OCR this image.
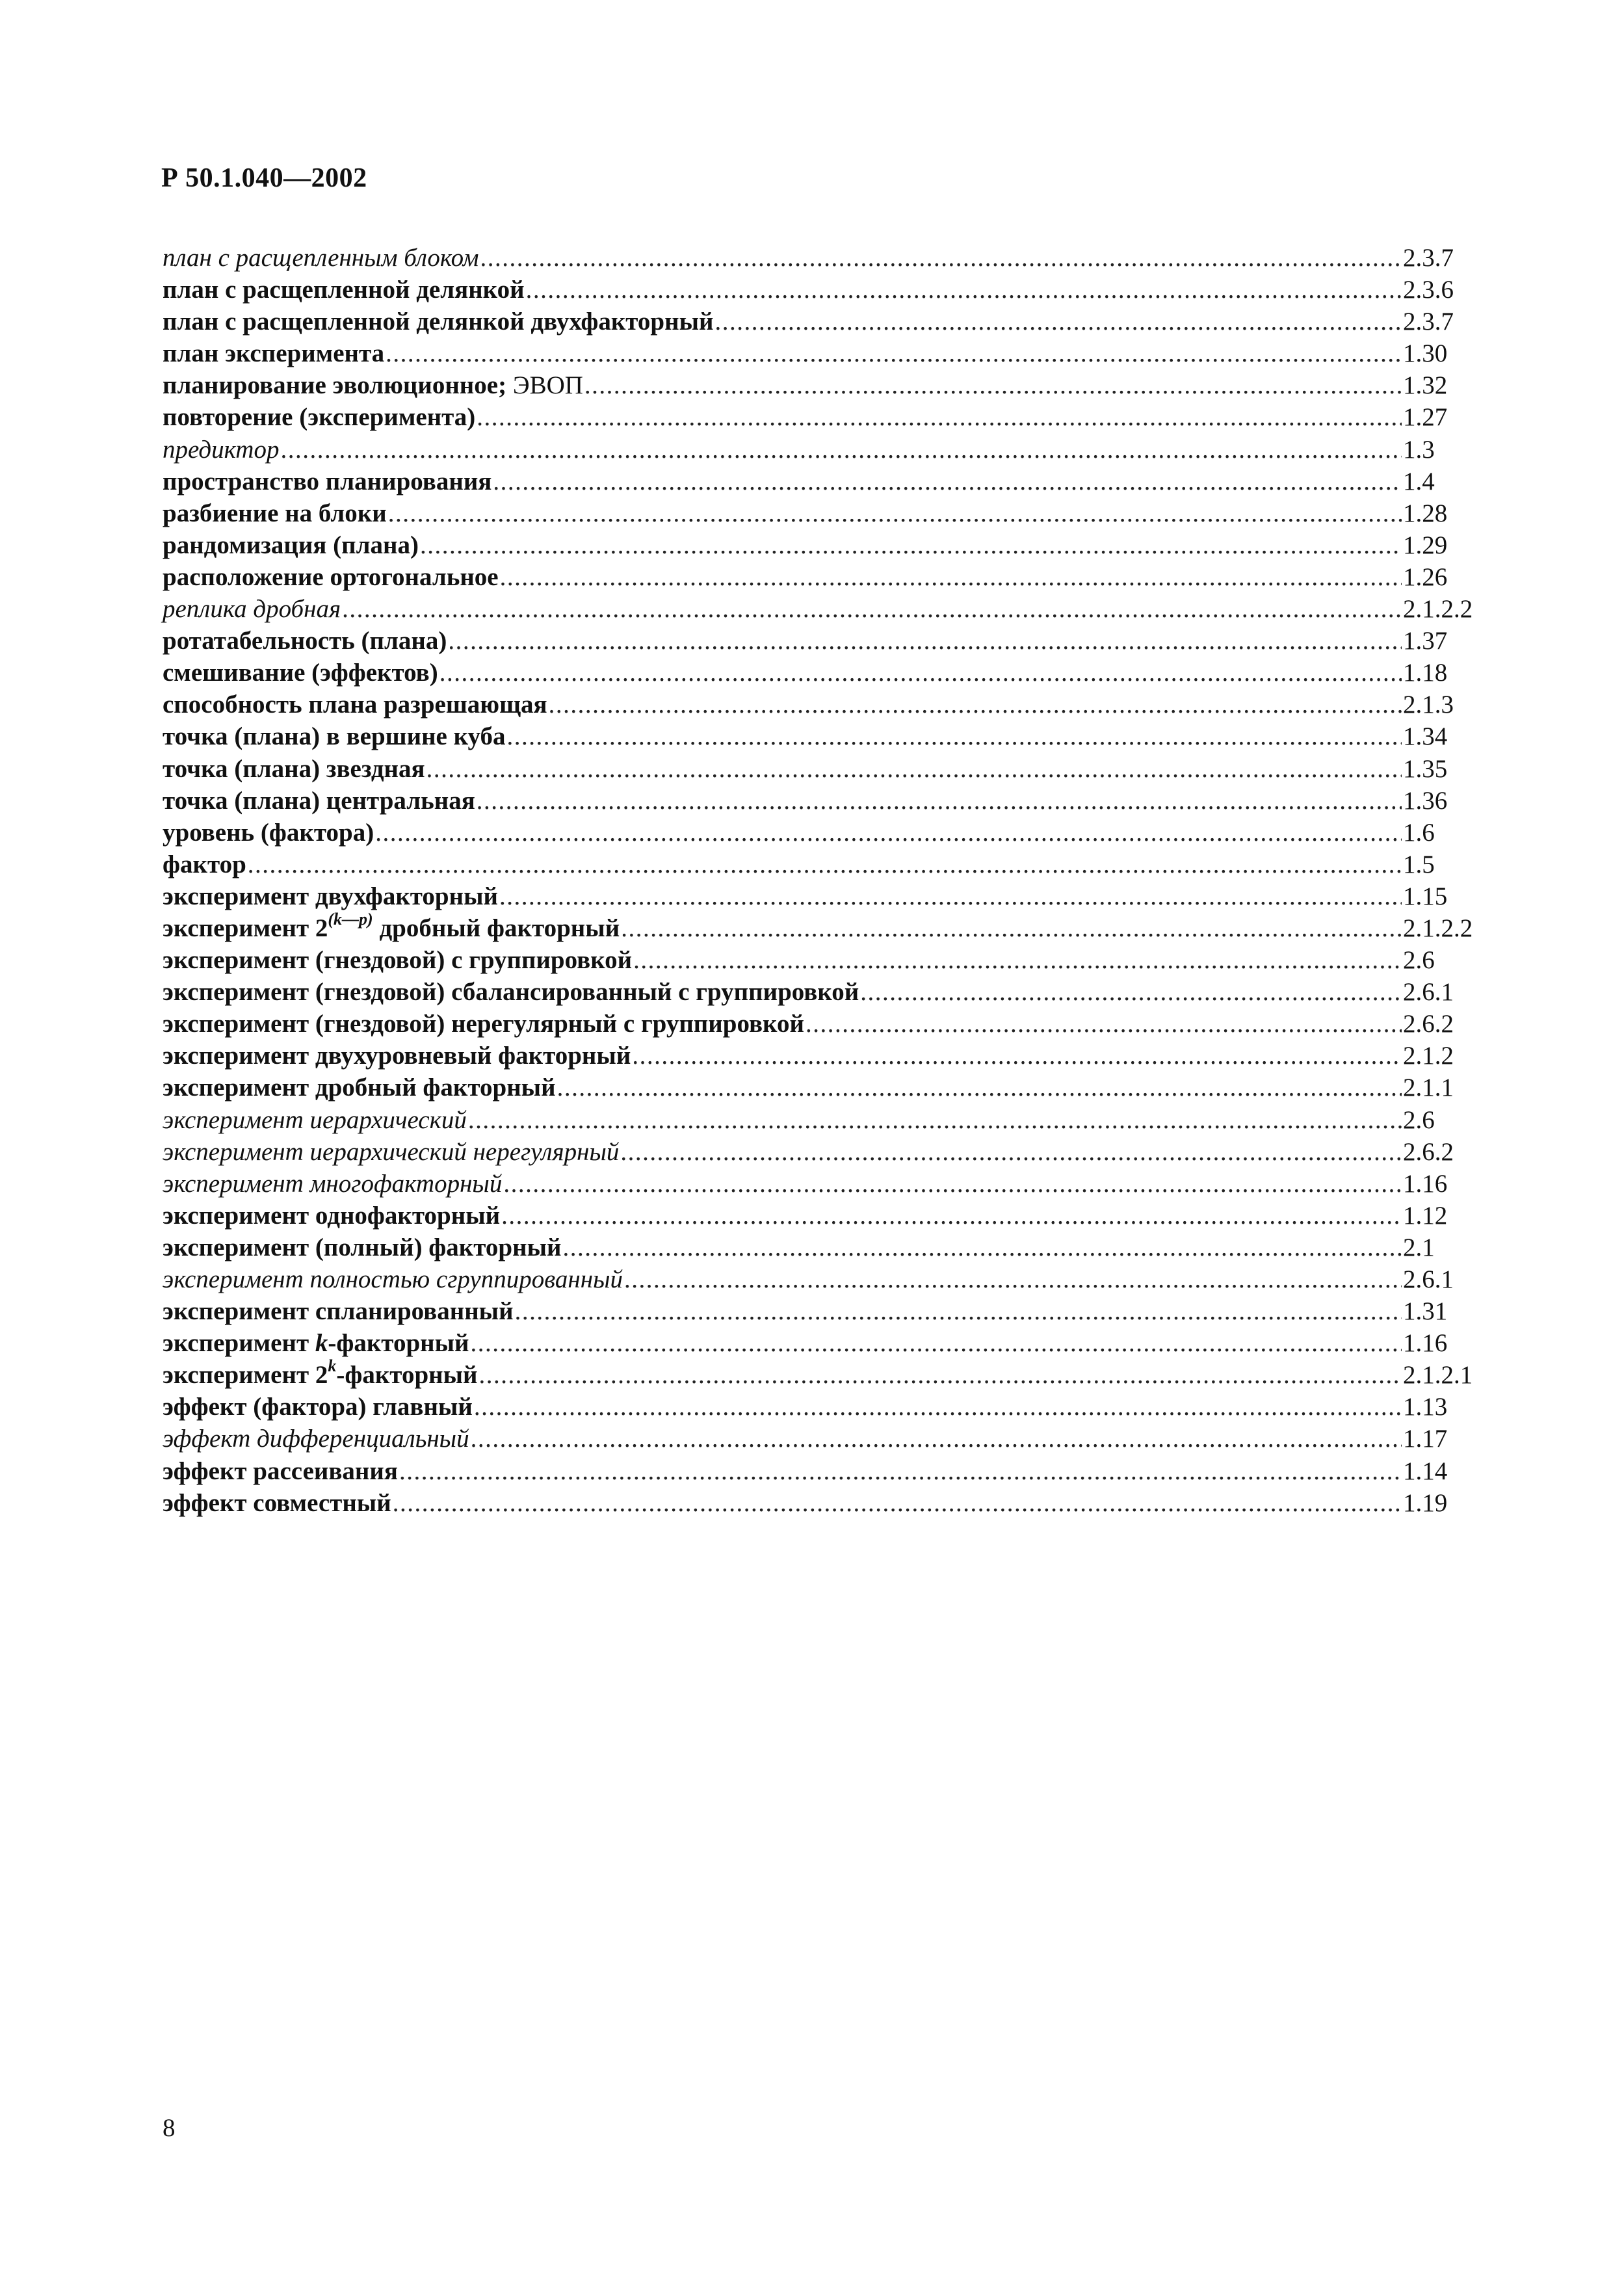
Р 50.1.040—2002
план с расщепленным блоком .....	2.3.7
план с расщепленной делянкой .....	2.3.6
план с расщепленной делянкой двухфакторный .....	2.3.7
план эксперимента .....	1.30
планирование эволюционное; ЭВОП .....	1.32
повторение (эксперимента) .....	1.27
предиктор .....	1.3
пространство планирования .....	1.4
разбиение на блоки .....	1.28
рандомизация (плана) .....	1.29
расположение ортогональное .....	1.26
реплика дробная .....	2.1.2.2
ротатабельность (плана) .....	1.37
смешивание (эффектов) .....	1.18
способность плана разрешающая .....	2.1.3
точка (плана) в вершине куба .....	1.34
точка (плана) звездная .....	1.35
точка (плана) центральная .....	1.36
уровень (фактора) .....	1.6
фактор .....	1.5
эксперимент двухфакторный .....	1.15
эксперимент $2^{(k—p)}$ дробный факторный .....	2.1.2.2
эксперимент (гнездовой) с группировкой .....	2.6
эксперимент (гнездовой) сбалансированный с группировкой .....	2.6.1
эксперимент (гнездовой) нерегулярный с группировкой .....	2.6.2
эксперимент двухуровневый факторный .....	2.1.2
эксперимент дробный факторный .....	2.1.1
эксперимент иерархический .....	2.6
эксперимент иерархический нерегулярный .....	2.6.2
эксперимент многофакторный .....	1.16
эксперимент однофакторный .....	1.12
эксперимент (полный) факторный .....	2.1
эксперимент полностью сгруппированный .....	2.6.1
эксперимент спланированный .....	1.31
эксперимент k-факторный .....	1.16
эксперимент 2$^k$-факторный .....	2.1.2.1
эффект (фактора) главный .....	1.13
эффект дифференциальный .....	1.17
эффект рассеивания .....	1.14
эффект совместный .....	1.19
8
